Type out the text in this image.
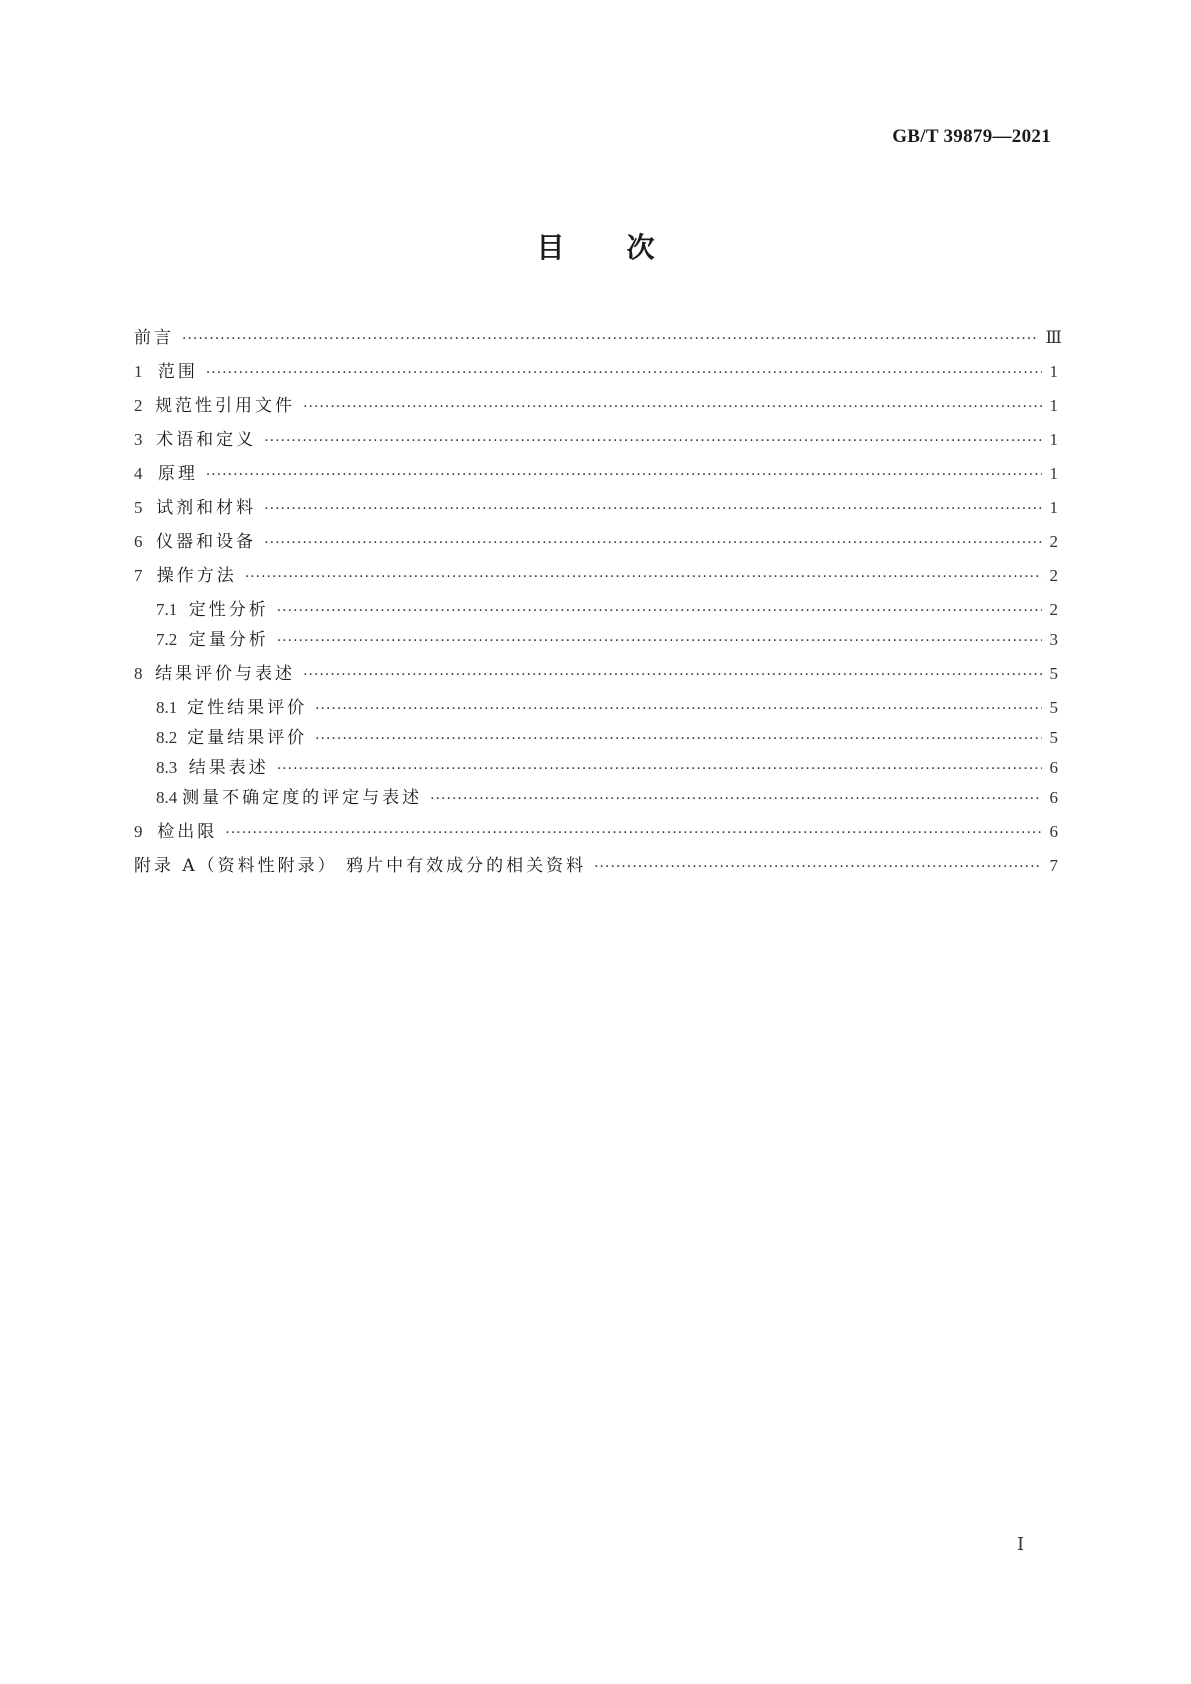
GB/T 39879—2021
目次
前言 ·····	Ⅲ
1 范围 ·····	1
2 规范性引用文件 ·····	1
3 术语和定义 ·····	1
4 原理 ·····	1
5 试剂和材料 ·····	1
6 仪器和设备 ·····	2
7 操作方法 ·····	2
7.1 定性分析 ·····	2
7.2 定量分析 ·····	3
8 结果评价与表述 ·····	5
8.1 定性结果评价 ·····	5
8.2 定量结果评价 ·····	5
8.3 结果表述 ·····	6
8.4 测量不确定度的评定与表述 ·····	6
9 检出限 ·····	6
附录 A（资料性附录） 鸦片中有效成分的相关资料 ·····	7
Ⅰ
